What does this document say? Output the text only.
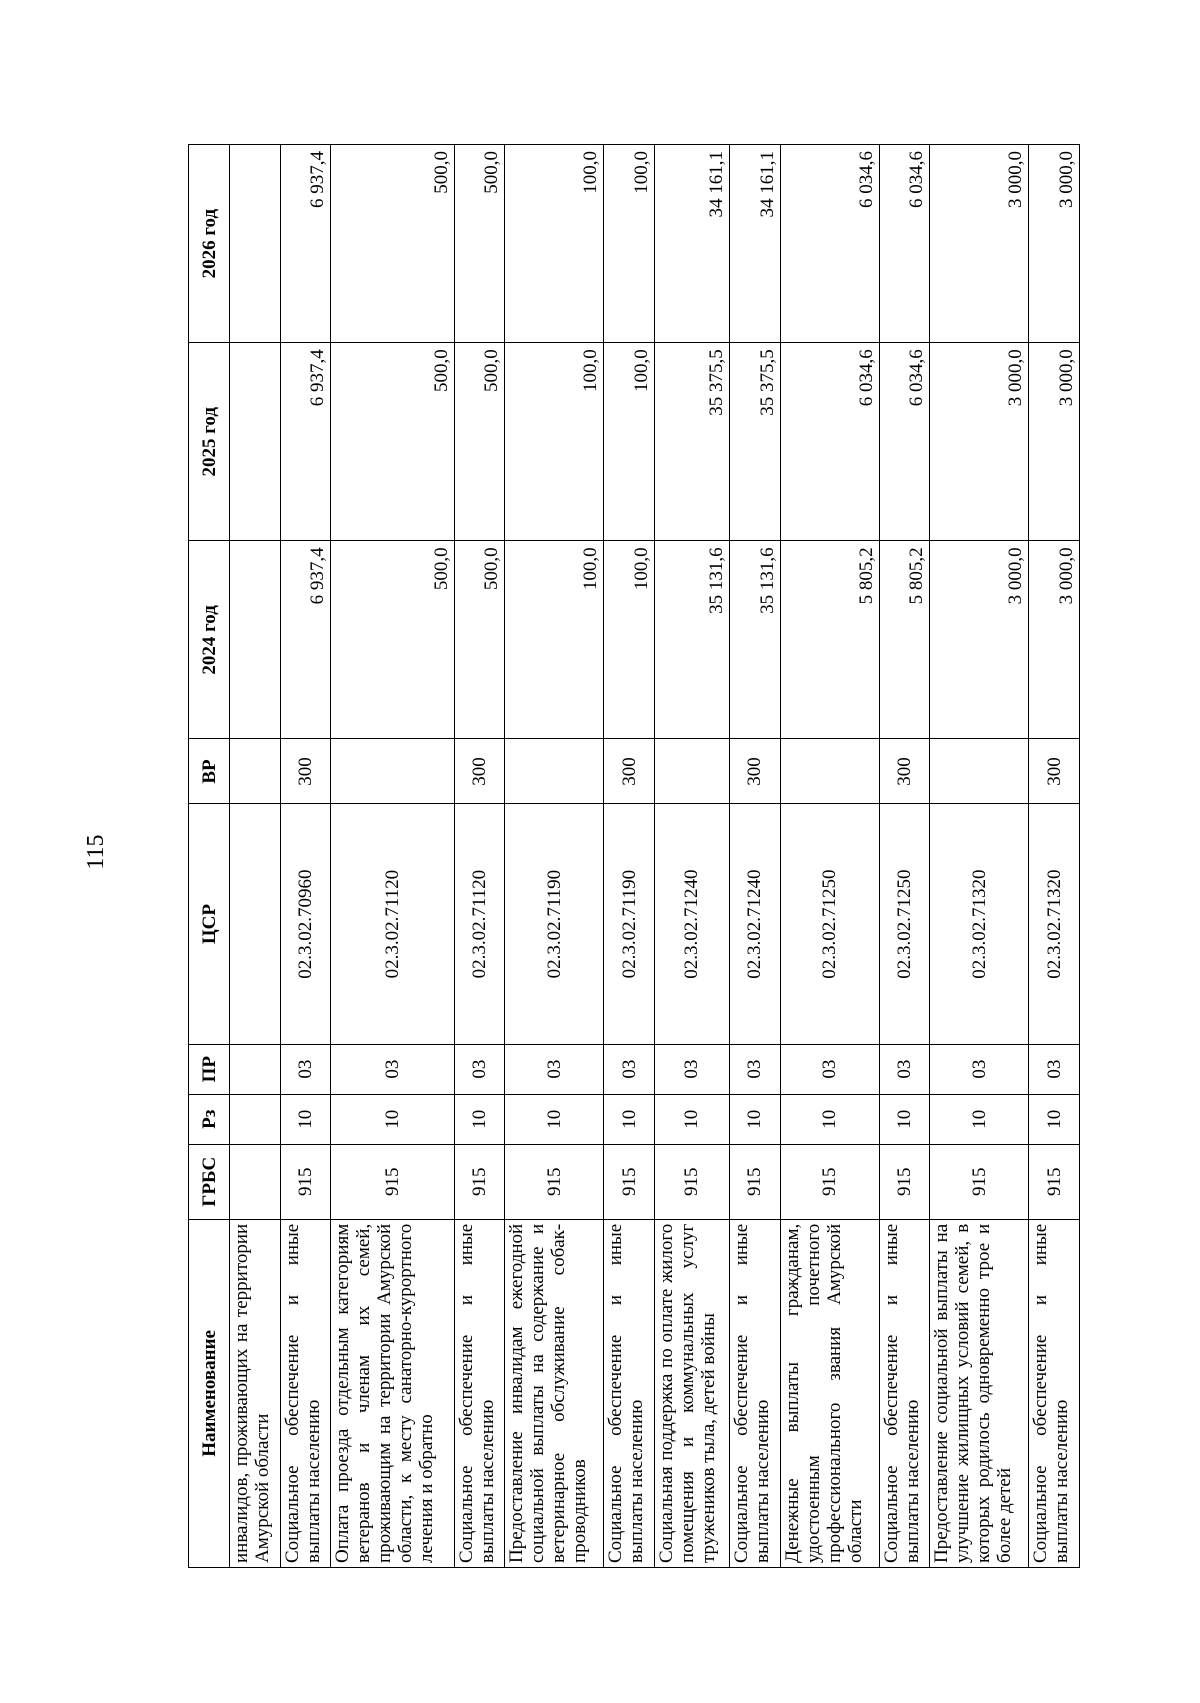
115
Наименование	ГРБС	Рз	ПР	ЦСР	ВР	2024 год	2025 год	2026 год
инвалидов, проживающих на территории Амурской области								
Социальное обеспечение и иные выплаты населению	915	10	03	02.3.02.70960	300	6 937,4	6 937,4	6 937,4
Оплата проезда отдельным категориям ветеранов и членам их семей, проживающим на территории Амурской области, к месту санаторно-курортного лечения и обратно	915	10	03	02.3.02.71120		500,0	500,0	500,0
Социальное обеспечение и иные выплаты населению	915	10	03	02.3.02.71120	300	500,0	500,0	500,0
Предоставление инвалидам ежегодной социальной выплаты на содержание и ветеринарное обслуживание собак-проводников	915	10	03	02.3.02.71190		100,0	100,0	100,0
Социальное обеспечение и иные выплаты населению	915	10	03	02.3.02.71190	300	100,0	100,0	100,0
Социальная поддержка по оплате жилого помещения и коммунальных услуг тружеников тыла, детей войны	915	10	03	02.3.02.71240		35 131,6	35 375,5	34 161,1
Социальное обеспечение и иные выплаты населению	915	10	03	02.3.02.71240	300	35 131,6	35 375,5	34 161,1
Денежные выплаты гражданам, удостоенным почетного профессионального звания Амурской области	915	10	03	02.3.02.71250		5 805,2	6 034,6	6 034,6
Социальное обеспечение и иные выплаты населению	915	10	03	02.3.02.71250	300	5 805,2	6 034,6	6 034,6
Предоставление социальной выплаты на улучшение жилищных условий семей, в которых родилось одновременно трое и более детей	915	10	03	02.3.02.71320		3 000,0	3 000,0	3 000,0
Социальное обеспечение и иные выплаты населению	915	10	03	02.3.02.71320	300	3 000,0	3 000,0	3 000,0
